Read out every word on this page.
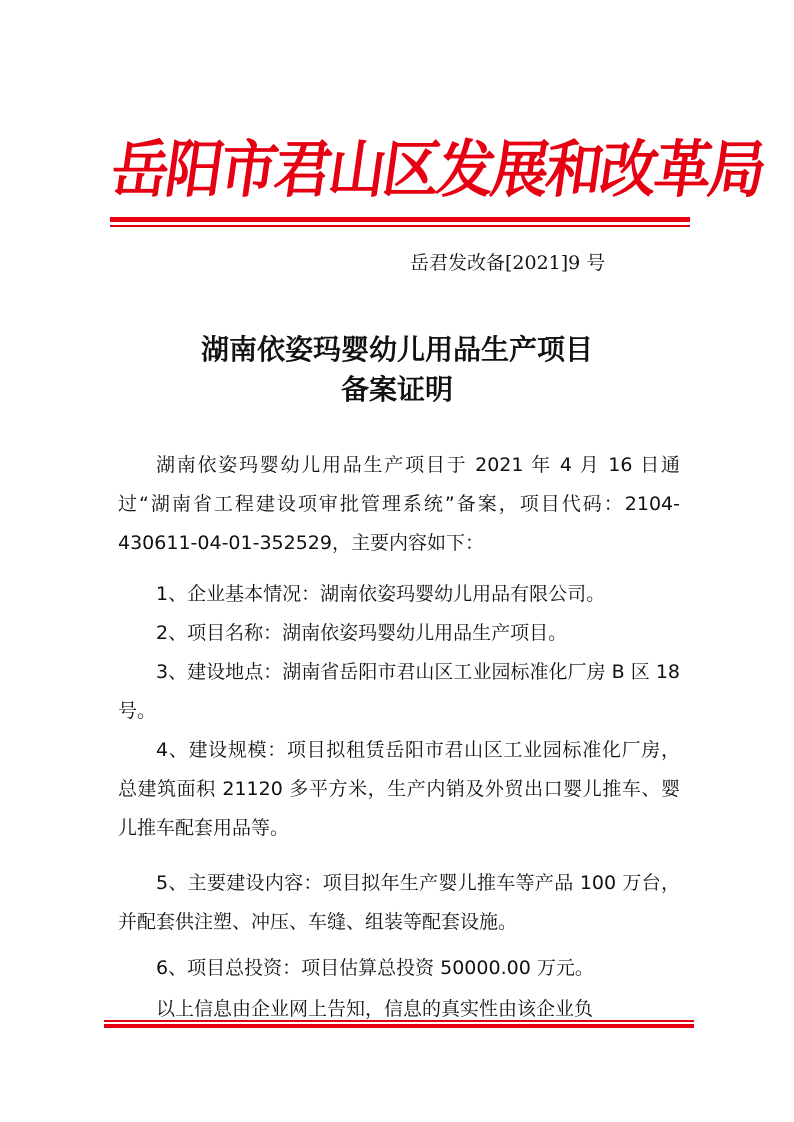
岳阳市君山区发展和改革局
岳君发改备[2021]9 号
湖南依姿玛婴幼儿用品生产项目
备案证明
湖南依姿玛婴幼儿用品生产项目于 2021 年 4 月 16 日通过“湖南省工程建设项审批管理系统”备案，项目代码：2104-430611-04-01-352529，主要内容如下：
1、企业基本情况：湖南依姿玛婴幼儿用品有限公司。
2、项目名称：湖南依姿玛婴幼儿用品生产项目。
3、建设地点：湖南省岳阳市君山区工业园标准化厂房 B 区 18 号。
4、建设规模：项目拟租赁岳阳市君山区工业园标准化厂房，总建筑面积 21120 多平方米，生产内销及外贸出口婴儿推车、婴儿推车配套用品等。
5、主要建设内容：项目拟年生产婴儿推车等产品 100 万台，并配套供注塑、冲压、车缝、组装等配套设施。
6、项目总投资：项目估算总投资 50000.00 万元。
以上信息由企业网上告知，信息的真实性由该企业负
